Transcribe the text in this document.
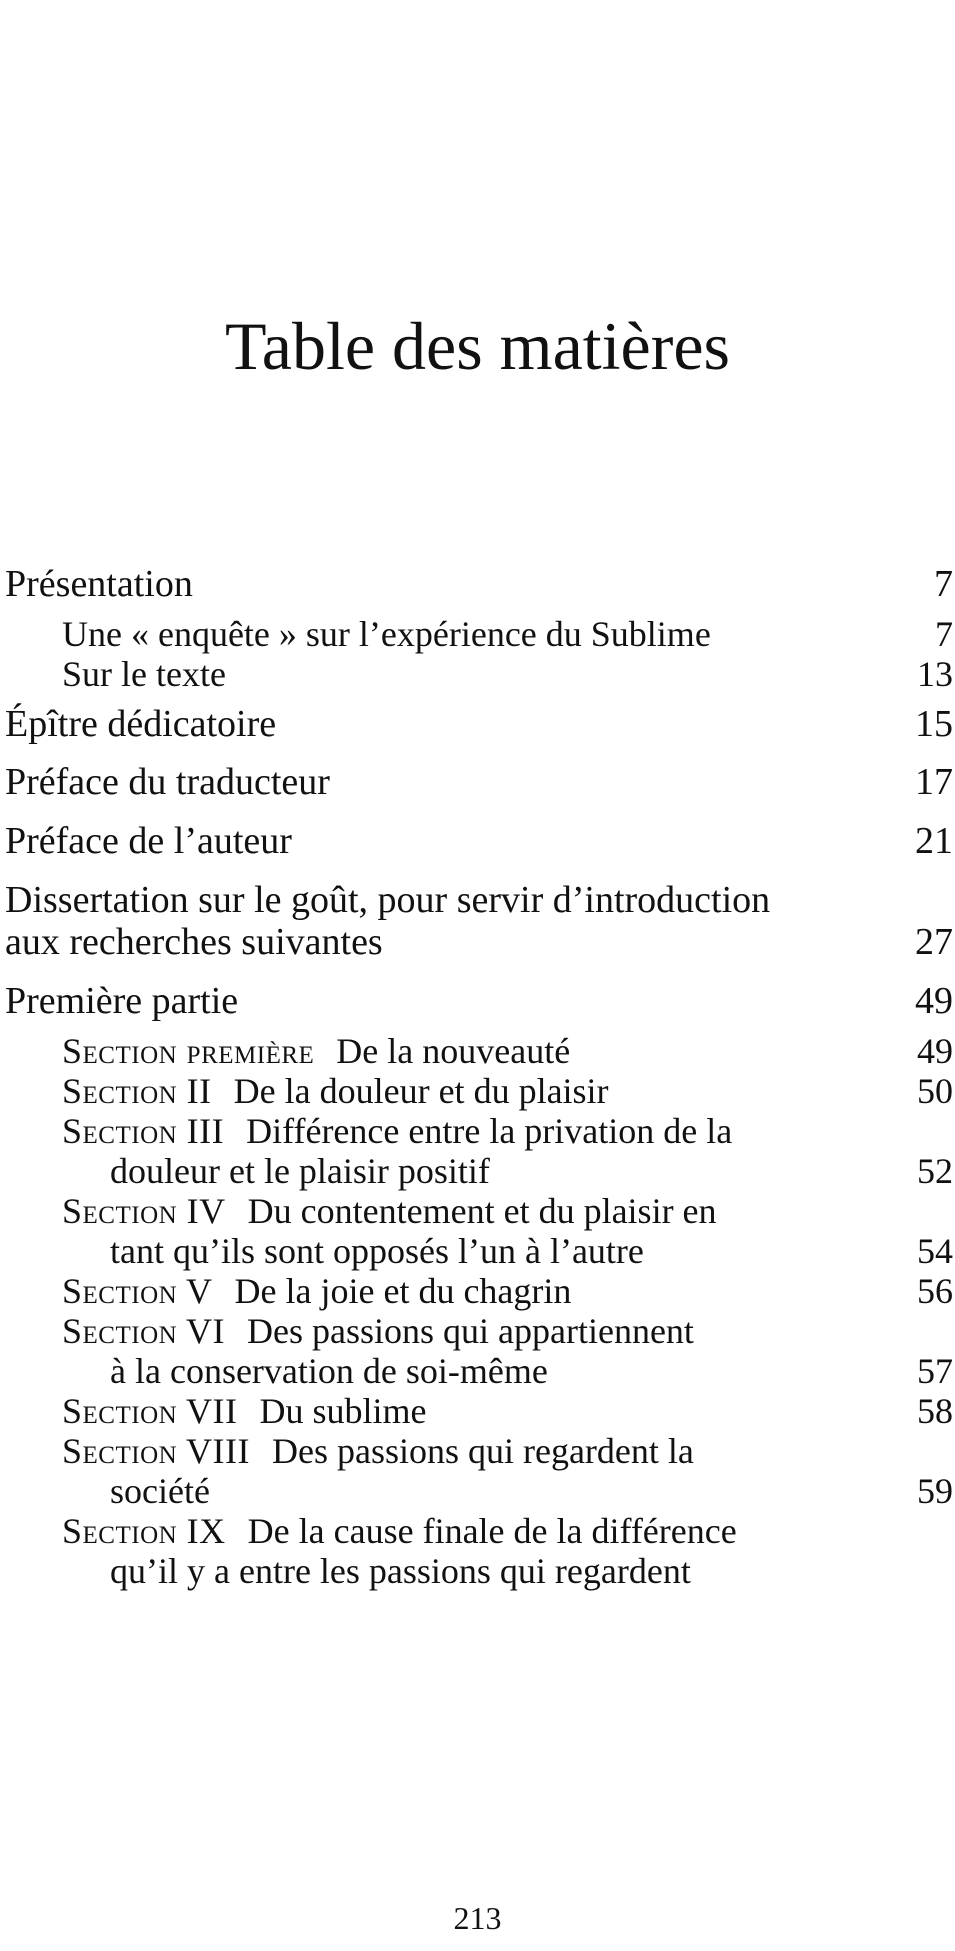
Table des matières
Présentation	7
Une « enquête » sur l’expérience du Sublime	7
Sur le texte	13
Épître dédicatoire	15
Préface du traducteur	17
Préface de l’auteur	21
Dissertation sur le goût, pour servir d’introduction
aux recherches suivantes	27
Première partie	49
Section première De la nouveauté	49
Section II De la douleur et du plaisir	50
Section III Différence entre la privation de la
douleur et le plaisir positif	52
Section IV Du contentement et du plaisir en
tant qu’ils sont opposés l’un à l’autre	54
Section V De la joie et du chagrin	56
Section VI Des passions qui appartiennent
à la conservation de soi-même	57
Section VII Du sublime	58
Section VIII Des passions qui regardent la
société	59
Section IX De la cause finale de la différence
qu’il y a entre les passions qui regardent
213
